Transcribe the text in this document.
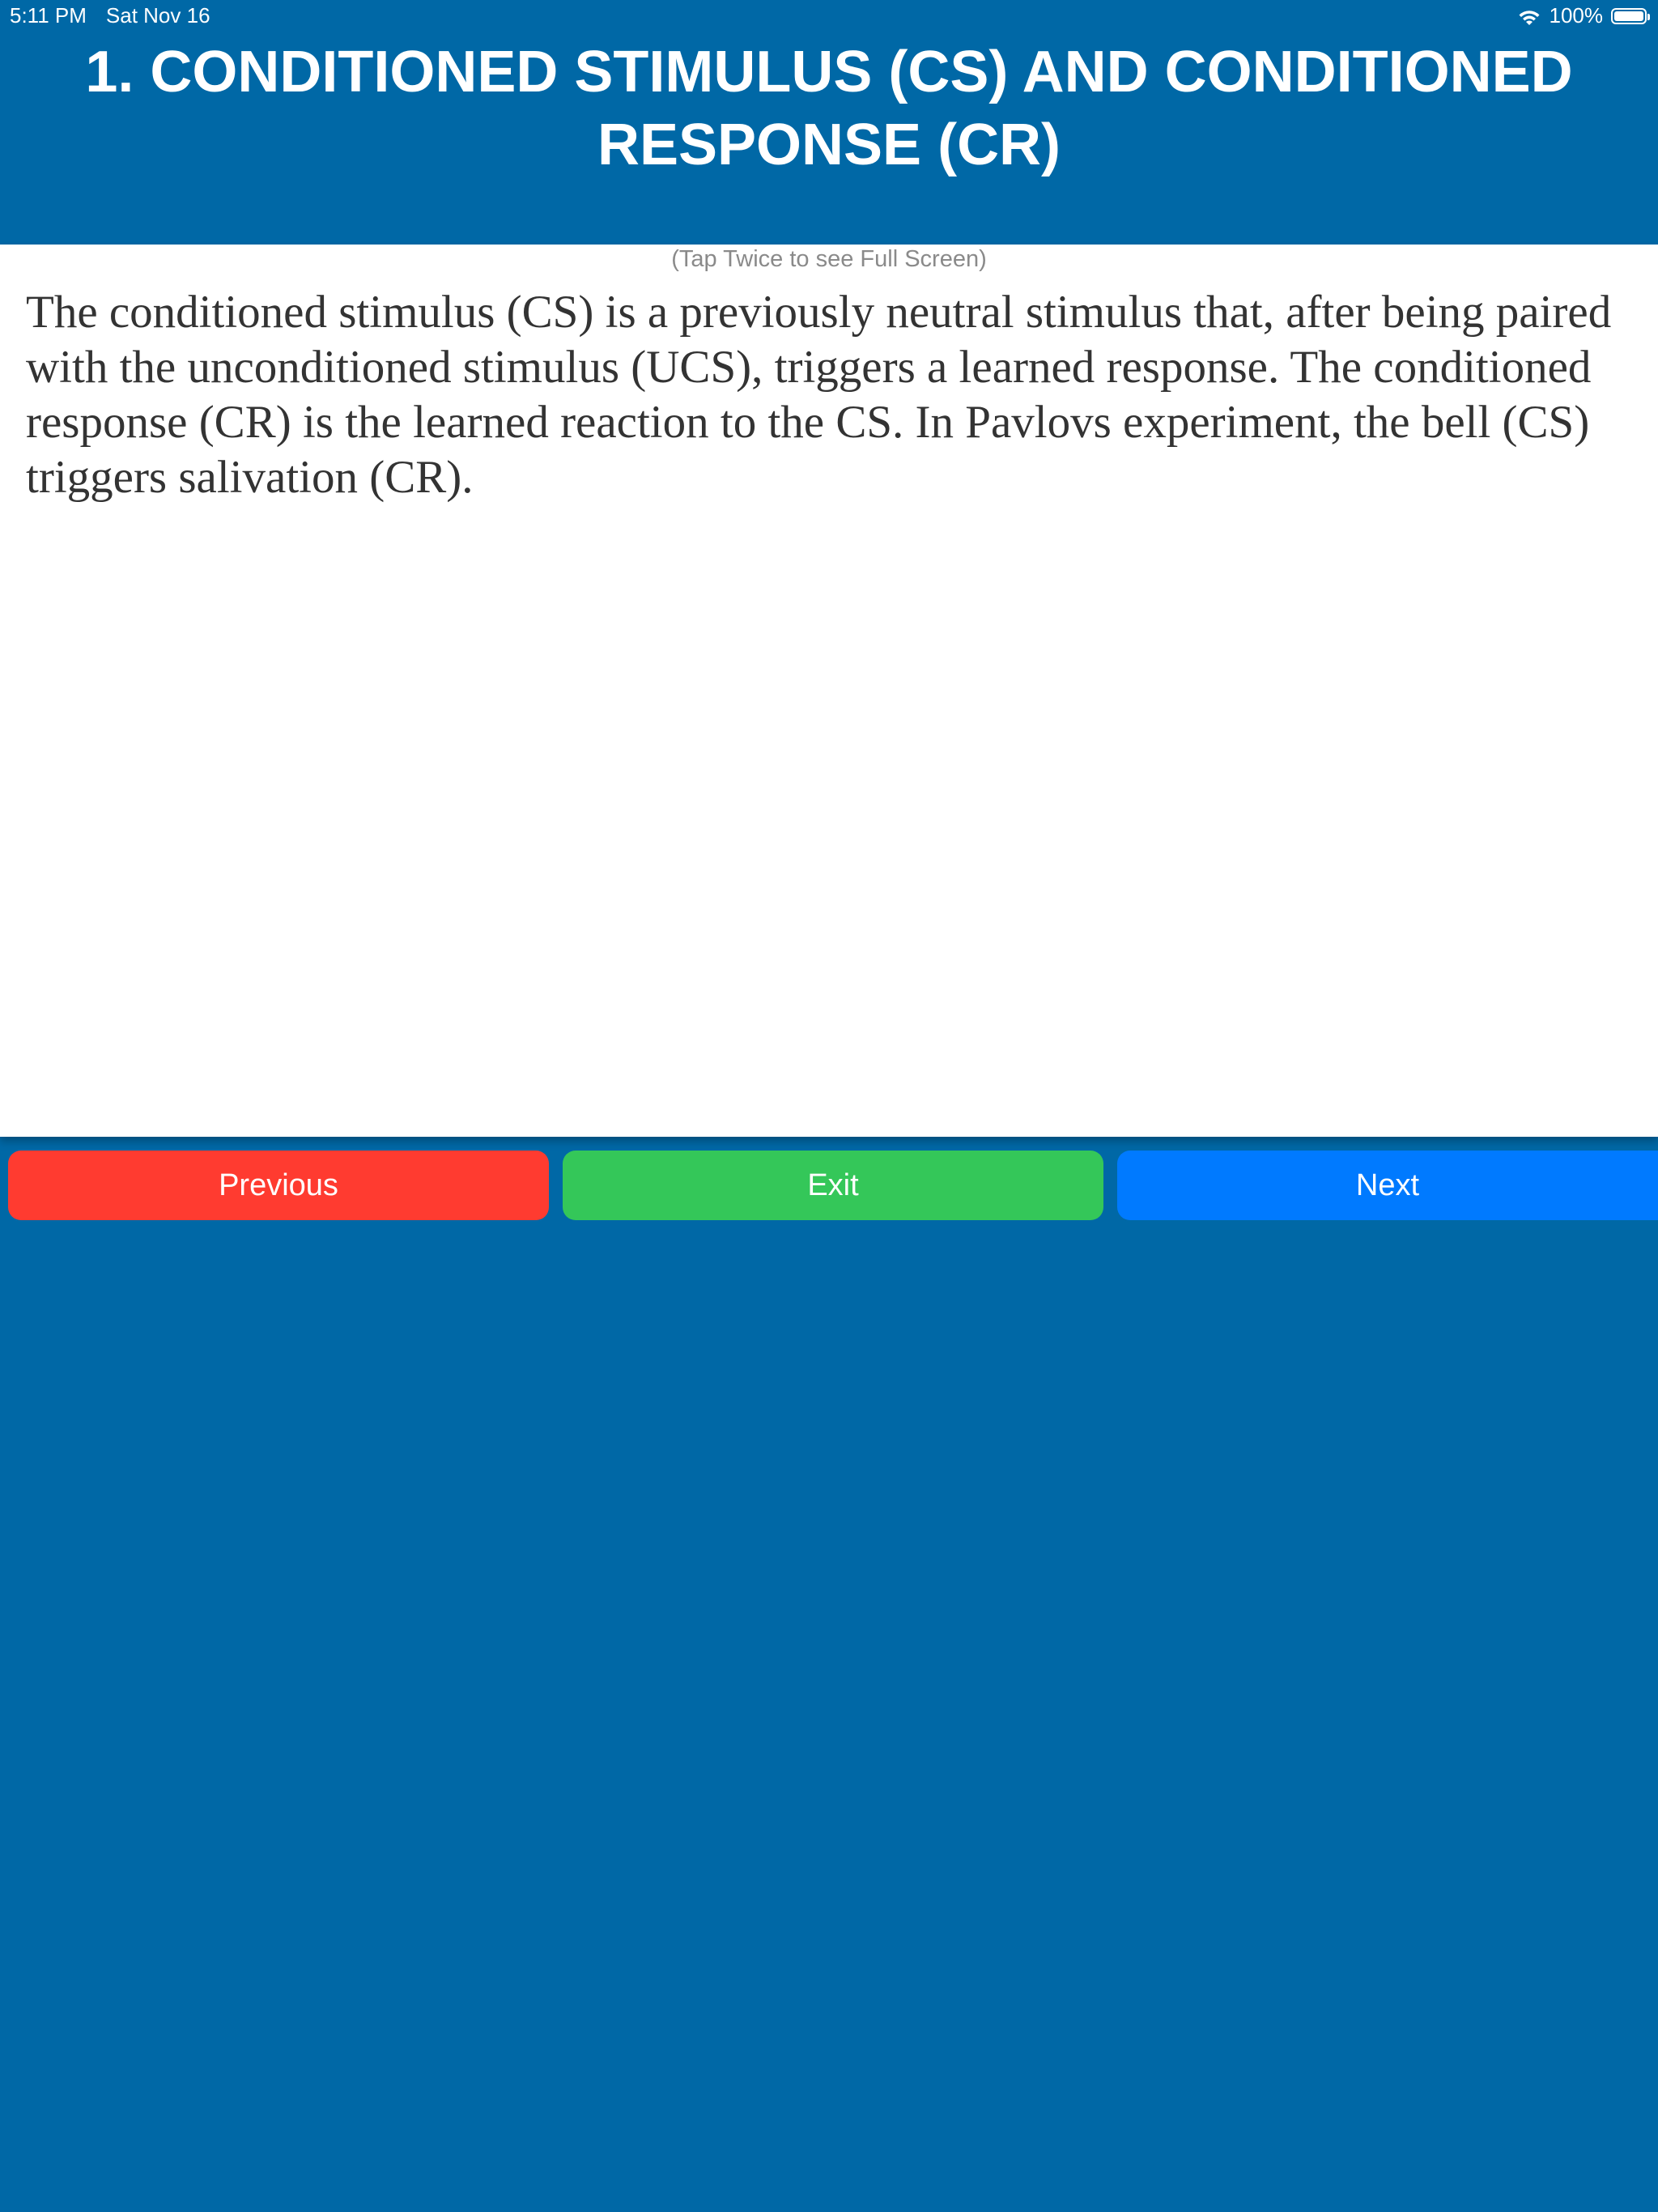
5:11 PM Sat Nov 16	100%
1. CONDITIONED STIMULUS (CS) AND CONDITIONED RESPONSE (CR)
(Tap Twice to see Full Screen)
The conditioned stimulus (CS) is a previously neutral stimulus that, after being paired with the unconditioned stimulus (UCS), triggers a learned response. The conditioned response (CR) is the learned reaction to the CS. In Pavlovs experiment, the bell (CS) triggers salivation (CR).
Previous	Exit	Next
